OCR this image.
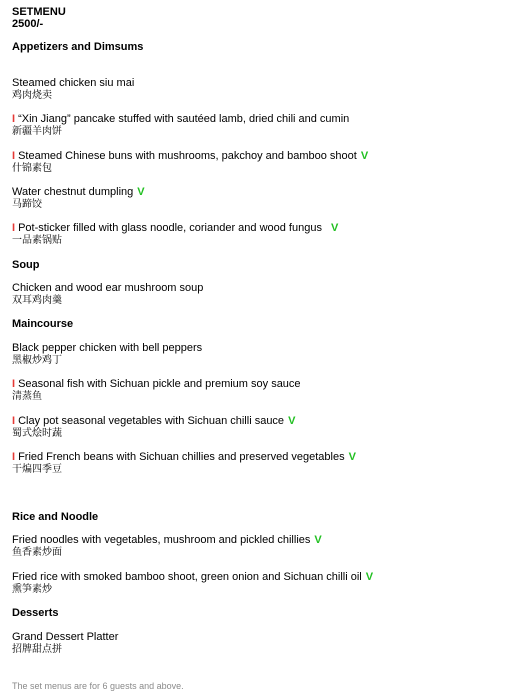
SETMENU
2500/-
Appetizers and Dimsums
Steamed chicken siu mai
鸡肉烧卖
I “Xin Jiang” pancake stuffed with sautéed lamb, dried chili and cumin
新疆羊肉饼
I Steamed Chinese buns with mushrooms, pakchoy and bamboo shoot V
什锦素包
Water chestnut dumpling V
马蹄饺
I Pot-sticker filled with glass noodle, coriander and wood fungus V
一品素锅贴
Soup
Chicken and wood ear mushroom soup
双耳鸡肉羹
Maincourse
Black pepper chicken with bell peppers
黑椒炒鸡丁
I Seasonal fish with Sichuan pickle and premium soy sauce
清蒸鱼
I Clay pot seasonal vegetables with Sichuan chilli sauce V
蜀式烩时蔬
I Fried French beans with Sichuan chillies and preserved vegetables V
干煸四季豆
Rice and Noodle
Fried noodles with vegetables, mushroom and pickled chillies V
鱼香素炒面
Fried rice with smoked bamboo shoot, green onion and Sichuan chilli oil V
熏笋素炒
Desserts
Grand Dessert Platter
招牌甜点拼
The set menus are for 6 guests and above.
